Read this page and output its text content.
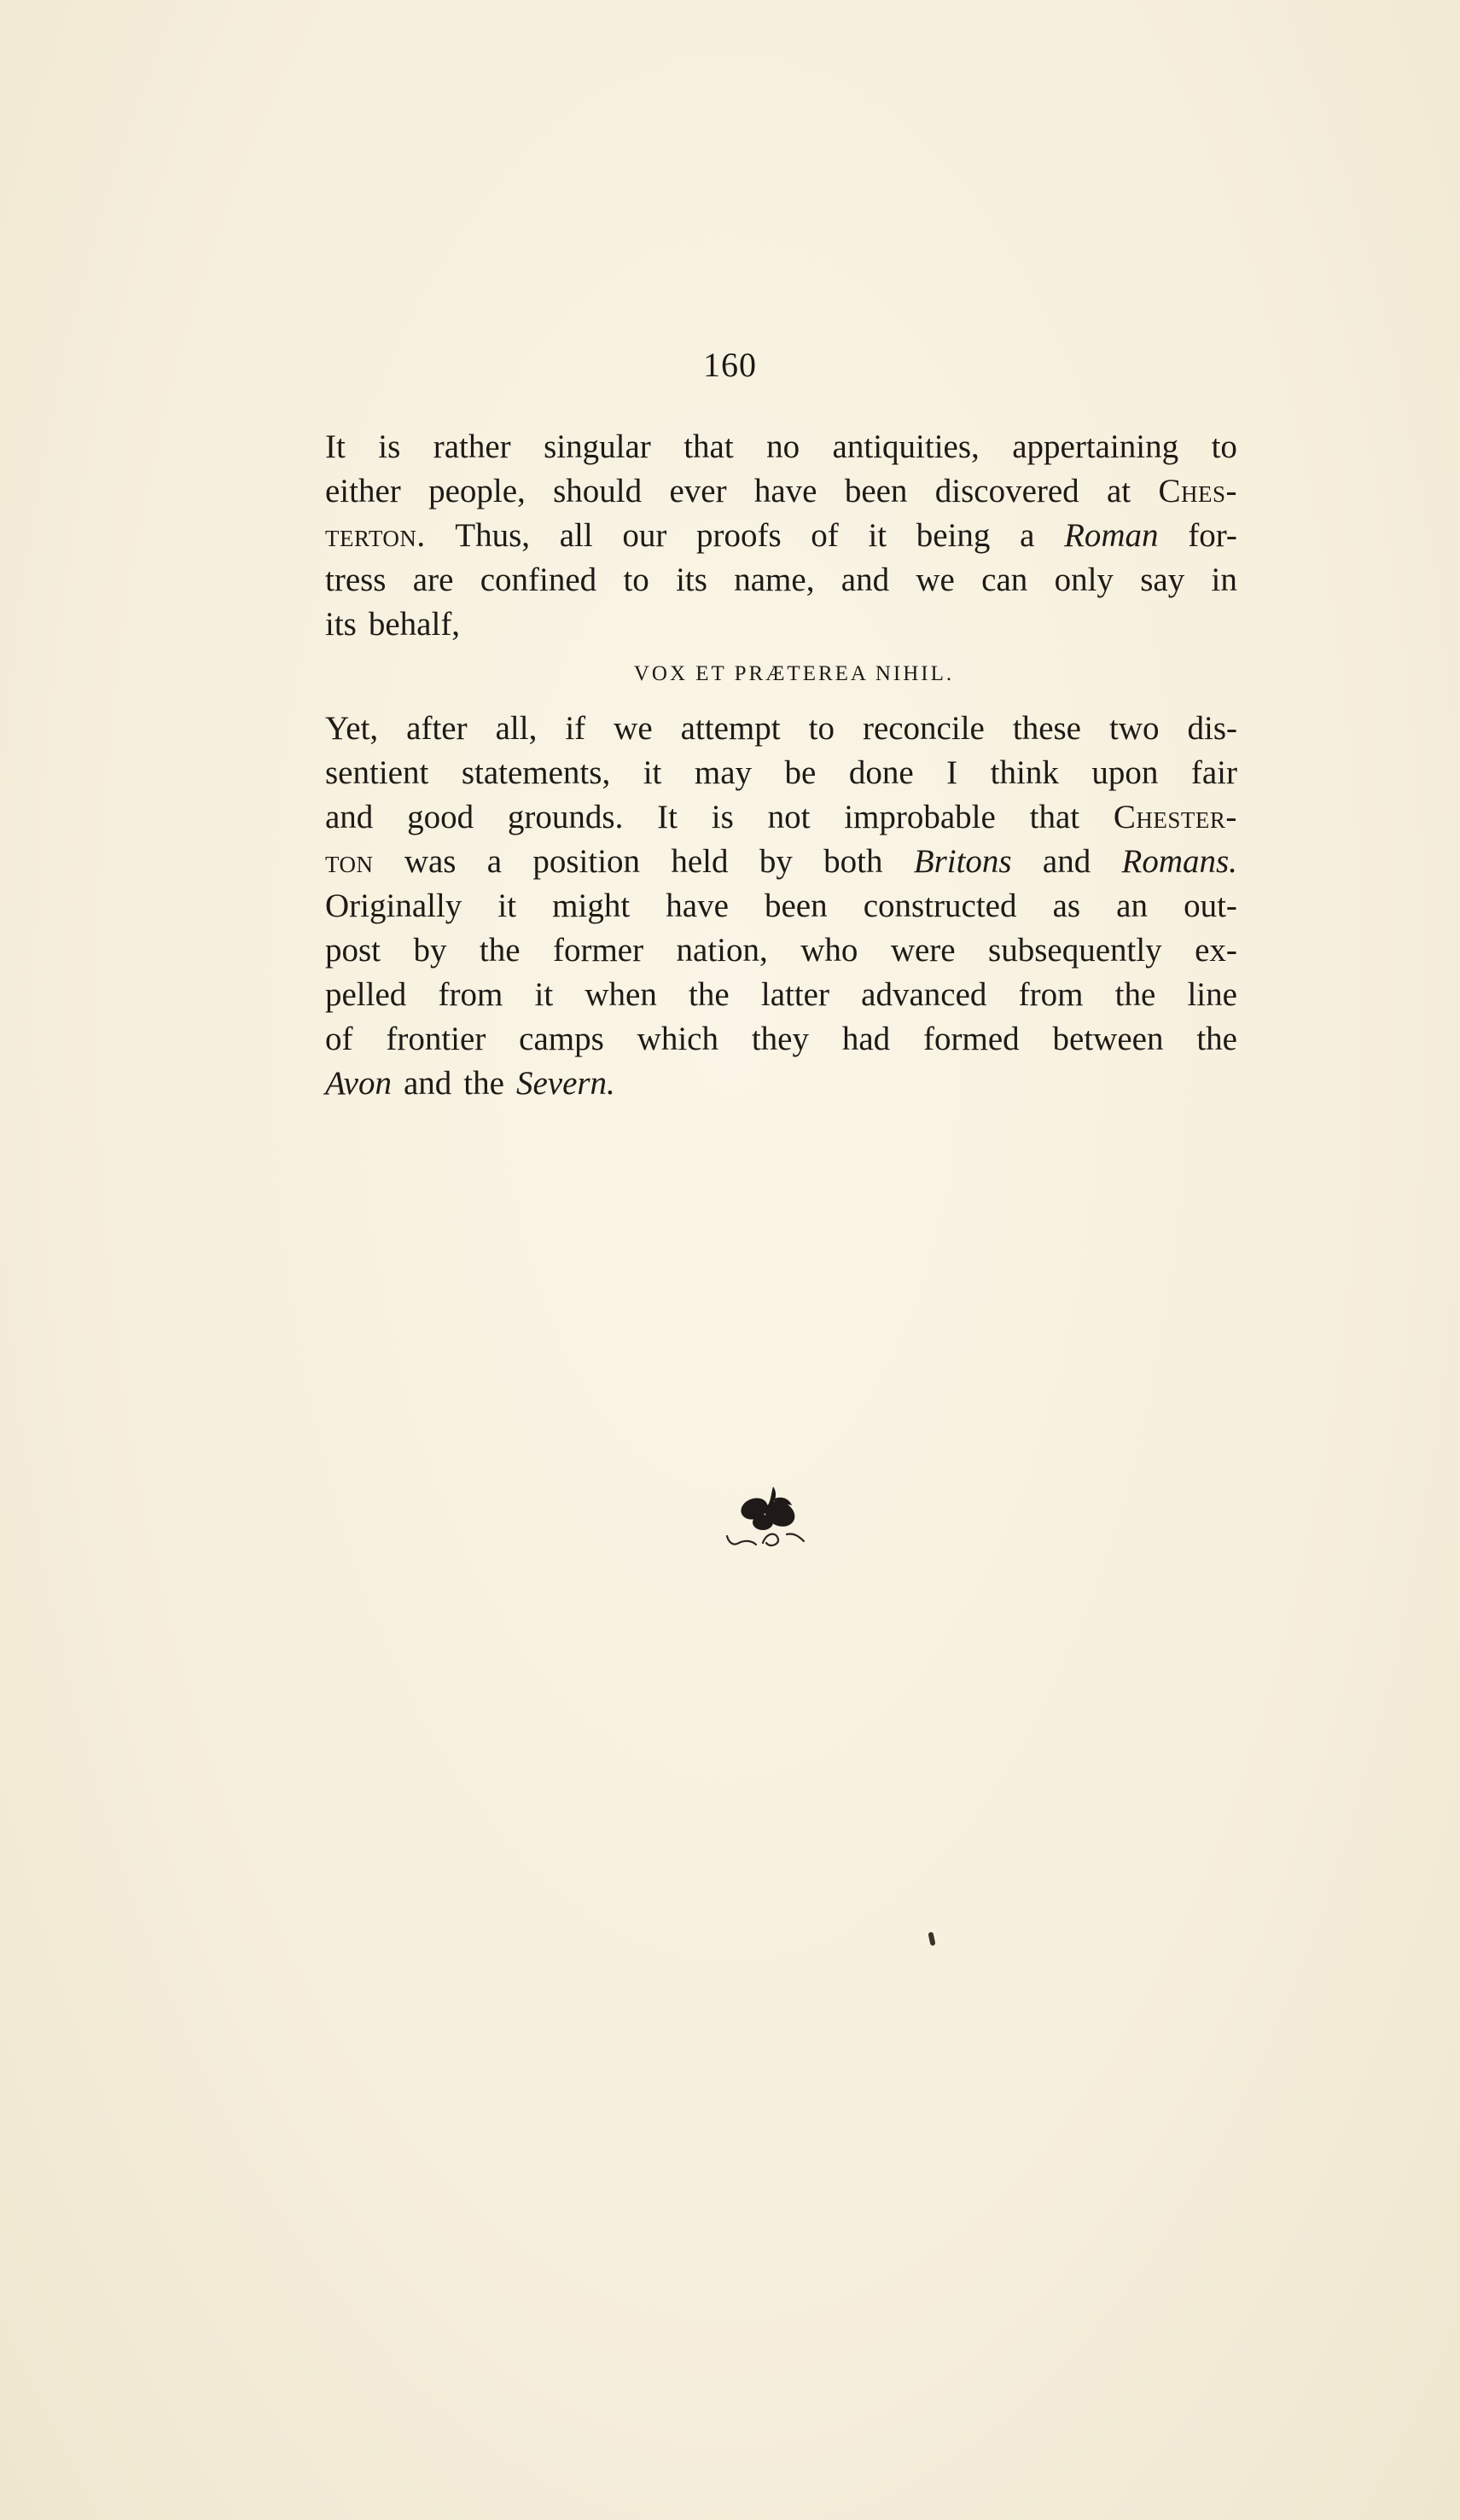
160
It is rather singular that no antiquities, appertaining to
either people, should ever have been discovered at Ches-
terton. Thus, all our proofs of it being a Roman for-
tress are confined to its name, and we can only say in
its behalf,
VOX ET PRÆTEREA NIHIL.
Yet, after all, if we attempt to reconcile these two dis-
sentient statements, it may be done I think upon fair
and good grounds. It is not improbable that Chester-
ton was a position held by both Britons and Romans.
Originally it might have been constructed as an out-
post by the former nation, who were subsequently ex-
pelled from it when the latter advanced from the line
of frontier camps which they had formed between the
Avon and the Severn.
